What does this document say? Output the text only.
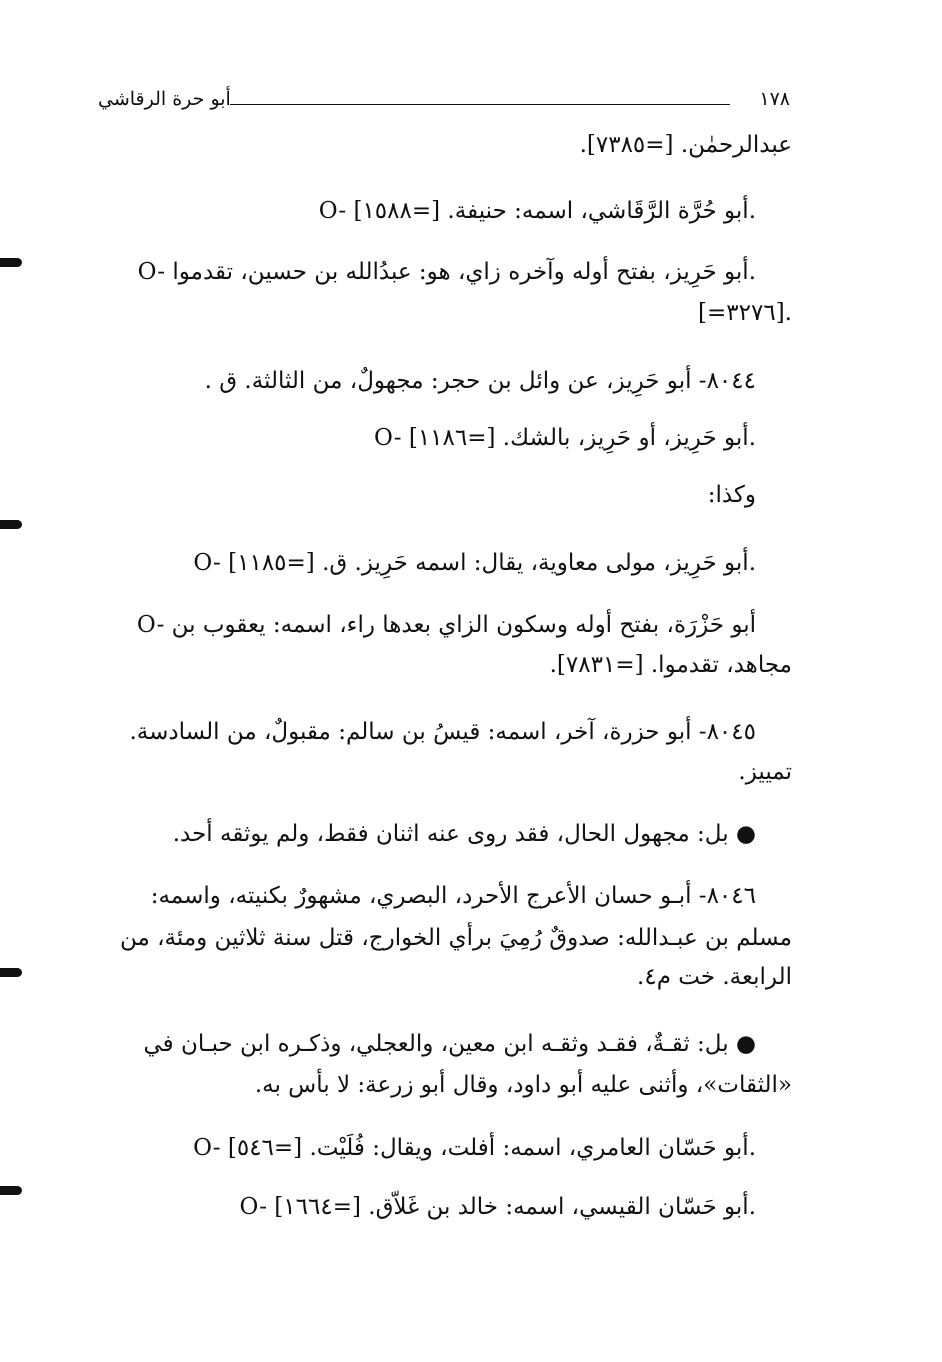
١٧٨
أبو حرة الرقاشي
عبدالرحمٰن. [=٧٣٨٥].
O- أبو حُرَّة الرَّقَاشي، اسمه: حنيفة. [=١٥٨٨].
O- أبو حَرِيز، بفتح أوله وآخره زاي، هو: عبدُالله بن حسين، تقدموا.
[=٣٢٧٦].
٨٠٤٤- أبو حَرِيز، عن وائل بن حجر: مجهولٌ، من الثالثة. ق .
O- أبو حَرِيز، أو حَرِيز، بالشك. [=١١٨٦].
وكذا:
O- أبو حَرِيز، مولى معاوية، يقال: اسمه حَرِيز. ق. [=١١٨٥].
O- أبو حَزْرَة، بفتح أوله وسكون الزاي بعدها راء، اسمه: يعقوب بن
مجاهد، تقدموا. [=٧٨٣١].
٨٠٤٥- أبو حزرة، آخر، اسمه: قيسُ بن سالم: مقبولٌ، من السادسة.
تمييز.
● بل: مجهول الحال، فقد روى عنه اثنان فقط، ولم يوثقه أحد.
٨٠٤٦- أبـو حسان الأعرج الأحرد، البصري، مشهورٌ بكنيته، واسمه:
مسلم بن عبـدالله: صدوقٌ رُمِيَ برأي الخوارج، قتل سنة ثلاثين ومئة، من
الرابعة. خت م٤.
● بل: ثقـةٌ، فقـد وثقـه ابن معين، والعجلي، وذكـره ابن حبـان في
«الثقات»، وأثنى عليه أبو داود، وقال أبو زرعة: لا بأس به.
O- أبو حَسّان العامري، اسمه: أفلت، ويقال: فُلَيْت. [=٥٤٦].
O- أبو حَسّان القيسي، اسمه: خالد بن غَلاّق. [=١٦٦٤].
